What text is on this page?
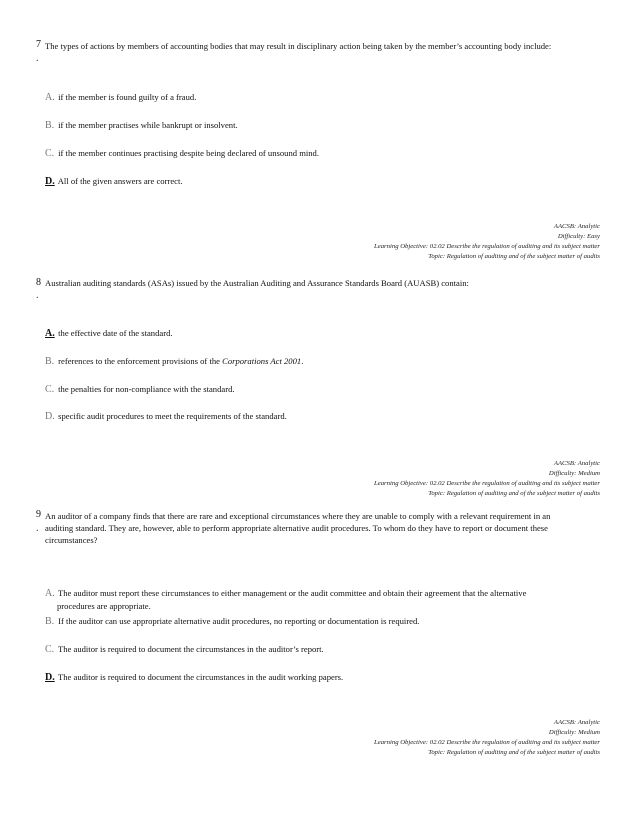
7
.
The types of actions by members of accounting bodies that may result in disciplinary action being taken by the member’s accounting body include:
A. if the member is found guilty of a fraud.
B. if the member practises while bankrupt or insolvent.
C. if the member continues practising despite being declared of unsound mind.
D. All of the given answers are correct.
AACSB: Analytic
Difficulty: Easy
Learning Objective: 02.02 Describe the regulation of auditing and its subject matter
Topic: Regulation of auditing and of the subject matter of audits
8
.
Australian auditing standards (ASAs) issued by the Australian Auditing and Assurance Standards Board (AUASB) contain:
A. the effective date of the standard.
B. references to the enforcement provisions of the Corporations Act 2001.
C. the penalties for non-compliance with the standard.
D. specific audit procedures to meet the requirements of the standard.
AACSB: Analytic
Difficulty: Medium
Learning Objective: 02.02 Describe the regulation of auditing and its subject matter
Topic: Regulation of auditing and of the subject matter of audits
9
.
An auditor of a company finds that there are rare and exceptional circumstances where they are unable to comply with a relevant requirement in an
auditing standard. They are, however, able to perform appropriate alternative audit procedures. To whom do they have to report or document these
circumstances?
A. The auditor must report these circumstances to either management or the audit committee and obtain their agreement that the alternative
procedures are appropriate.
B. If the auditor can use appropriate alternative audit procedures, no reporting or documentation is required.
C. The auditor is required to document the circumstances in the auditor’s report.
D. The auditor is required to document the circumstances in the audit working papers.
AACSB: Analytic
Difficulty: Medium
Learning Objective: 02.02 Describe the regulation of auditing and its subject matter
Topic: Regulation of auditing and of the subject matter of audits
